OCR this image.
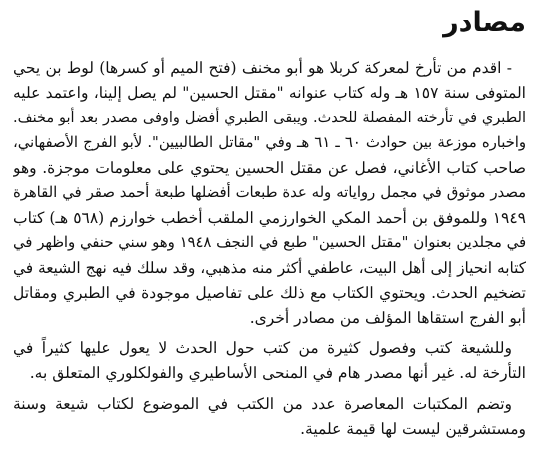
مصادر
- اقدم من تأرخ لمعركة كربلا هو أبو مخنف (فتح الميم أو كسرها) لوط بن يحي
المتوفى سنة ١٥٧ هـ وله كتاب عنوانه "مقتل الحسين" لم يصل إلينا، واعتمد عليه
الطبري في تأرخته المفصلة للحدث. ويبقى الطبري أفضل واوفى مصدر بعد أبو مخنف.
واخباره موزعة بين حوادث ٦٠ ـ ٦١ هـ وفي "مقاتل الطالبيين". لأبو الفرج الأصفهاني،
صاحب كتاب الأغاني، فصل عن مقتل الحسين يحتوي على معلومات موجزة. وهو
مصدر موثوق في مجمل رواياته وله عدة طبعات أفضلها طبعة أحمد صقر في القاهرة
١٩٤٩ وللموفق بن أحمد المكي الخوارزمي الملقب أخطب خوارزم (٥٦٨ هـ) كتاب
في مجلدين بعنوان "مقتل الحسين" طبع في النجف ١٩٤٨ وهو سني حنفي واظهر في
كتابه انحياز إلى أهل البيت، عاطفي أكثر منه مذهبي، وقد سلك فيه نهج الشيعة في
تضخيم الحدث. ويحتوي الكتاب مع ذلك على تفاصيل موجودة في الطبري ومقاتل
أبو الفرج استقاها المؤلف من مصادر أخرى.
وللشيعة كتب وفصول كثيرة من كتب حول الحدث لا يعول عليها كثيراً في
التأرخة له. غير أنها مصدر هام في المنحى الأساطيري والفولكلوري المتعلق به.
وتضم المكتبات المعاصرة عدد من الكتب في الموضوع لكتاب شيعة وسنة
ومستشرقين ليست لها قيمة علمية.
